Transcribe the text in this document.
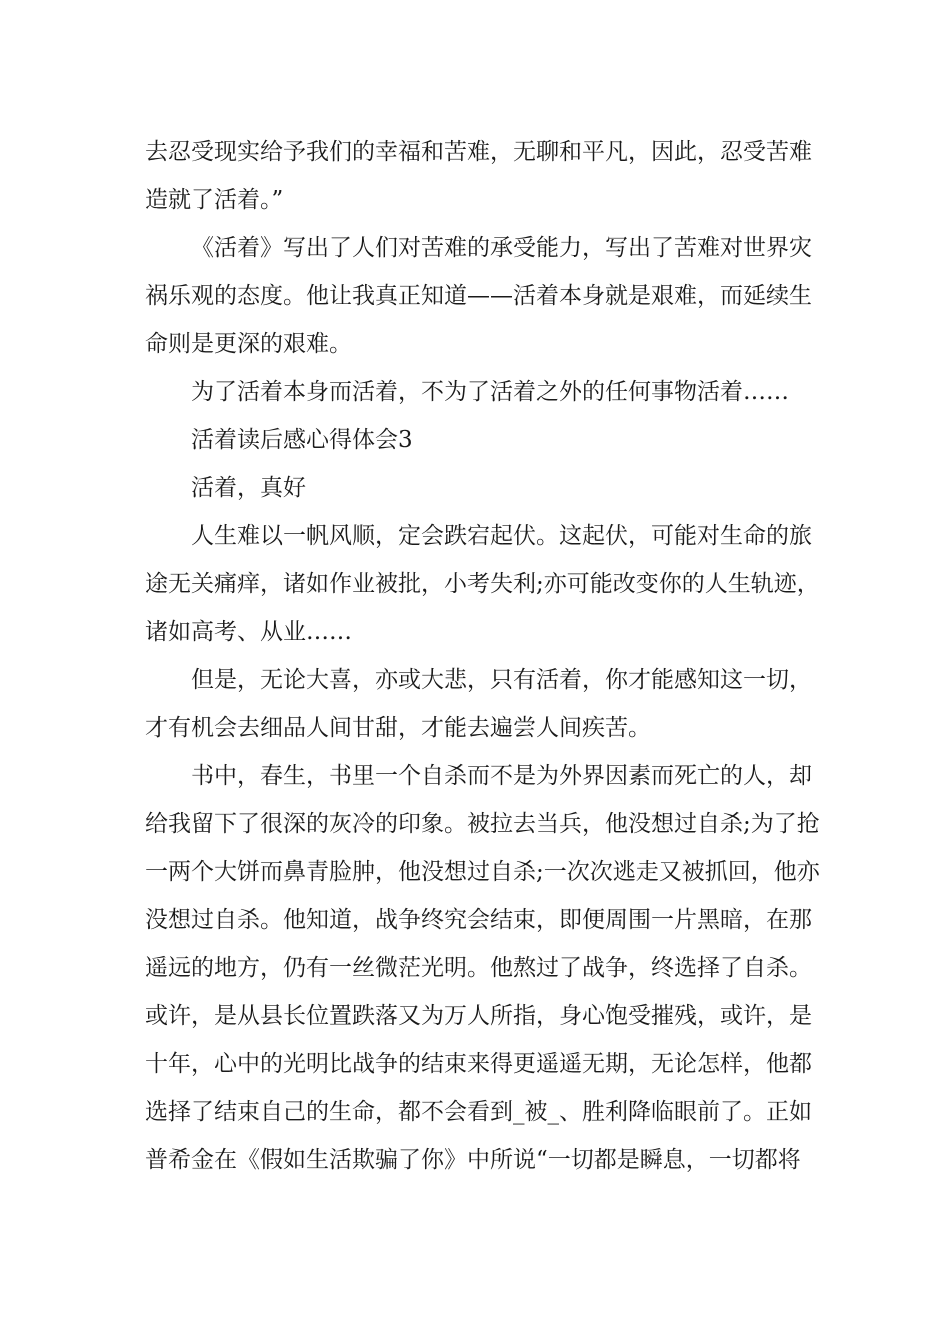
去忍受现实给予我们的幸福和苦难，无聊和平凡，因此，忍受苦难
造就了活着。”
《活着》写出了人们对苦难的承受能力，写出了苦难对世界灾
祸乐观的态度。他让我真正知道——活着本身就是艰难，而延续生
命则是更深的艰难。
为了活着本身而活着，不为了活着之外的任何事物活着……
活着读后感心得体会3
活着，真好
人生难以一帆风顺，定会跌宕起伏。这起伏，可能对生命的旅
途无关痛痒，诸如作业被批，小考失利;亦可能改变你的人生轨迹，
诸如高考、从业……
但是，无论大喜，亦或大悲，只有活着，你才能感知这一切，
才有机会去细品人间甘甜，才能去遍尝人间疾苦。
书中，春生，书里一个自杀而不是为外界因素而死亡的人，却
给我留下了很深的灰冷的印象。被拉去当兵，他没想过自杀;为了抢
一两个大饼而鼻青脸肿，他没想过自杀;一次次逃走又被抓回，他亦
没想过自杀。他知道，战争终究会结束，即便周围一片黑暗，在那
遥远的地方，仍有一丝微茫光明。他熬过了战争，终选择了自杀。
或许，是从县长位置跌落又为万人所指，身心饱受摧残，或许，是
十年，心中的光明比战争的结束来得更遥遥无期，无论怎样，他都
选择了结束自己的生命，都不会看到_被_、胜利降临眼前了。正如
普希金在《假如生活欺骗了你》中所说“一切都是瞬息，一切都将
